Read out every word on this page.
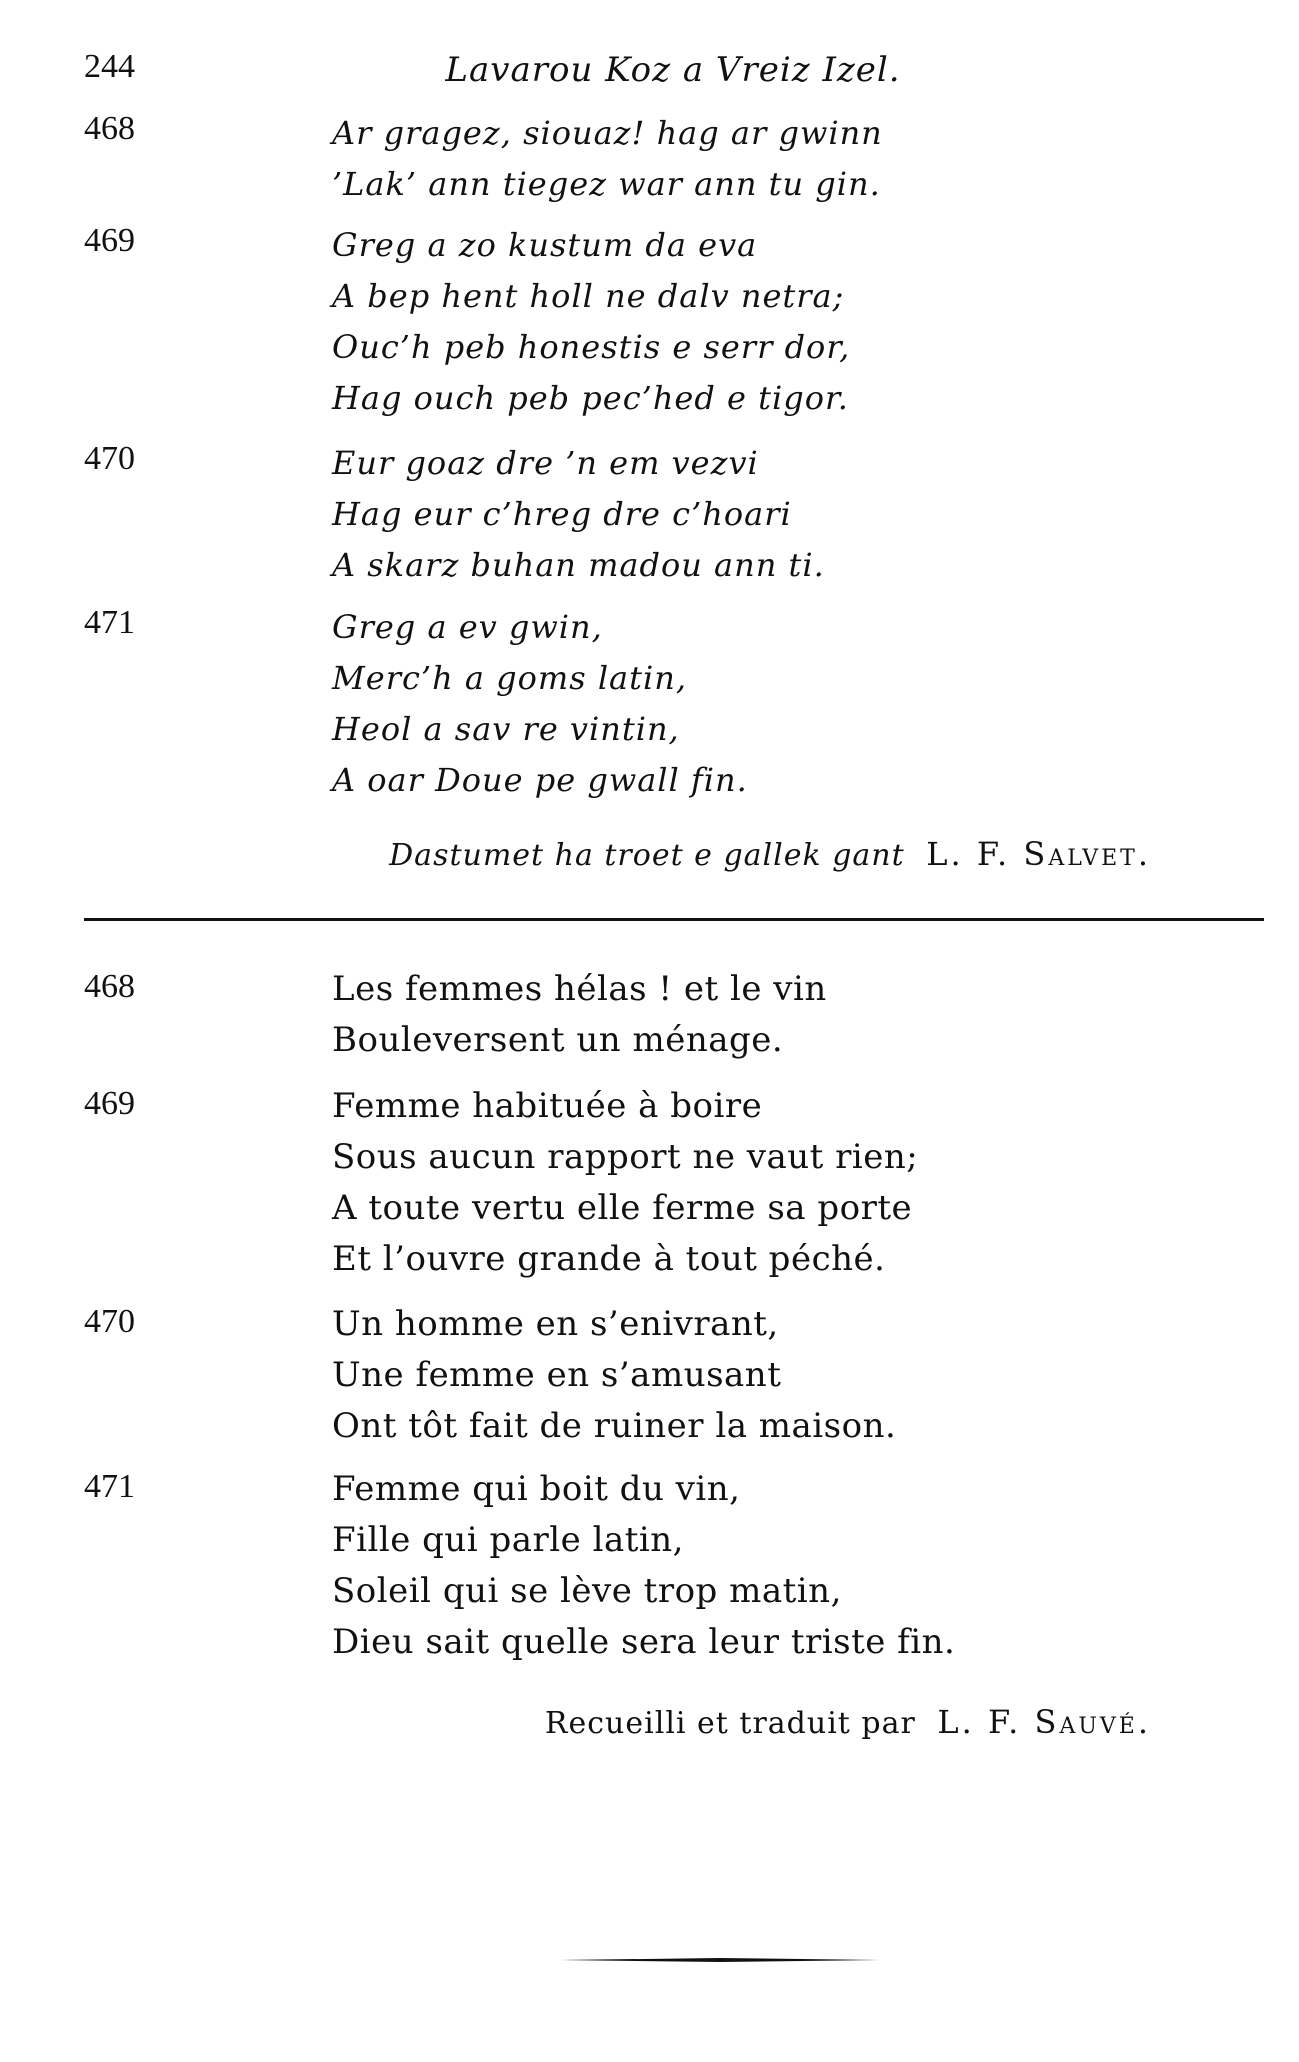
244	Lavarou Koz a Vreiz Izel.
468	Ar gragez, siouaz! hag ar gwinn
’Lak’ ann tiegez war ann tu gin.
469	Greg a zo kustum da eva
A bep hent holl ne dalv netra;
Ouc’h peb honestis e serr dor,
Hag ouch peb pec’hed e tigor.
470	Eur goaz dre ’n em vezvi
Hag eur c’hreg dre c’hoari
A skarz buhan madou ann ti.
471	Greg a ev gwin,
Merc’h a goms latin,
Heol a sav re vintin,
A oar Doue pe gwall fin.
Dastumet ha troet e gallek gant L. F. Salvet.
468	Les femmes hélas ! et le vin
Bouleversent un ménage.
469	Femme habituée à boire
Sous aucun rapport ne vaut rien;
A toute vertu elle ferme sa porte
Et l’ouvre grande à tout péché.
470	Un homme en s’enivrant,
Une femme en s’amusant
Ont tôt fait de ruiner la maison.
471	Femme qui boit du vin,
Fille qui parle latin,
Soleil qui se lève trop matin,
Dieu sait quelle sera leur triste fin.
Recueilli et traduit par L. F. Sauvé.
